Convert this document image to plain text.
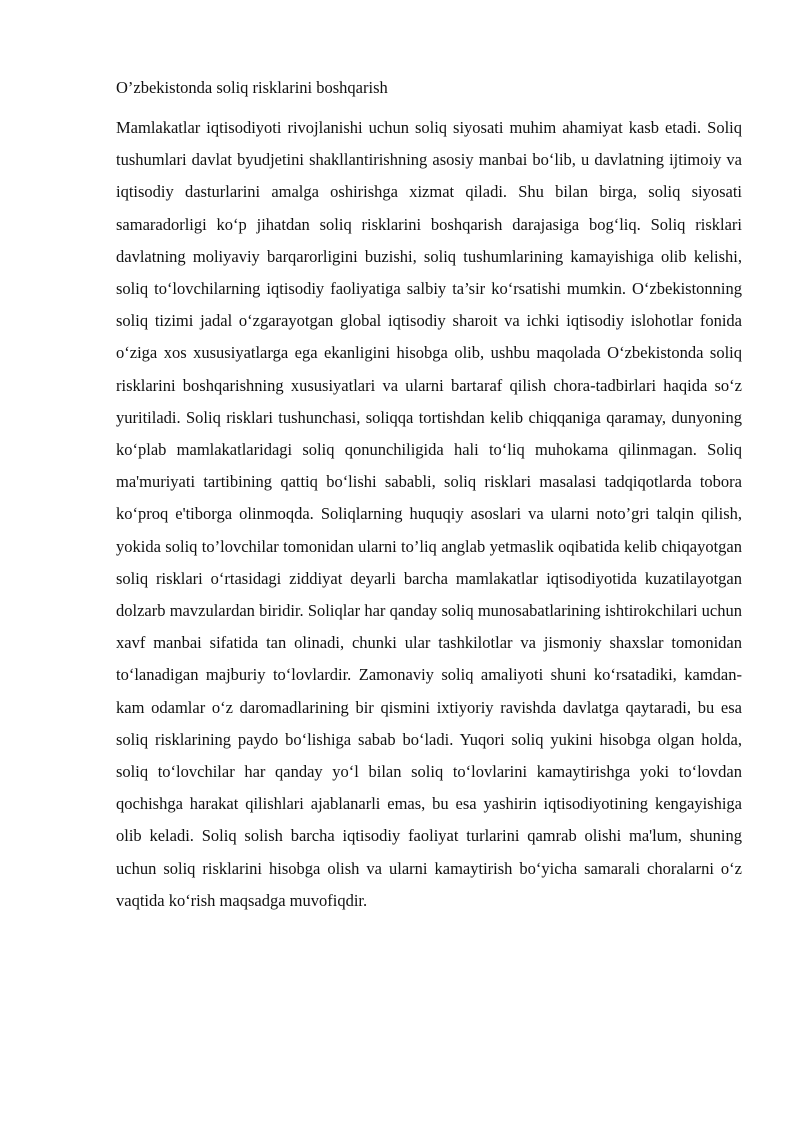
O’zbekistonda soliq risklarini boshqarish

Mamlakatlar iqtisodiyoti rivojlanishi uchun soliq siyosati muhim ahamiyat kasb etadi. Soliq tushumlari davlat byudjetini shakllantirishning asosiy manbai bo‘lib, u davlatning ijtimoiy va iqtisodiy dasturlarini amalga oshirishga xizmat qiladi. Shu bilan birga, soliq siyosati samaradorligi ko‘p jihatdan soliq risklarini boshqarish darajasiga bog‘liq. Soliq risklari davlatning moliyaviy barqarorligini buzishi, soliq tushumlarining kamayishiga olib kelishi, soliq to‘lovchilarning iqtisodiy faoliyatiga salbiy ta’sir ko‘rsatishi mumkin. O‘zbekistonning soliq tizimi jadal o‘zgarayotgan global iqtisodiy sharoit va ichki iqtisodiy islohotlar fonida o‘ziga xos xususiyatlarga ega ekanligini hisobga olib, ushbu maqolada O‘zbekistonda soliq risklarini boshqarishning xususiyatlari va ularni bartaraf qilish chora-tadbirlari haqida so‘z yuritiladi. Soliq risklari tushunchasi, soliqqa tortishdan kelib chiqqaniga qaramay, dunyoning ko‘plab mamlakatlaridagi soliq qonunchiligida hali to‘liq muhokama qilinmagan. Soliq ma'muriyati tartibining qattiq bo‘lishi sababli, soliq risklari masalasi tadqiqotlarda tobora ko‘proq e'tiborga olinmoqda. Soliqlarning huquqiy asoslari va ularni noto’gri talqin qilish, yokida soliq to’lovchilar tomonidan ularni to’liq anglab yetmaslik oqibatida kelib chiqayotgan soliq risklari o‘rtasidagi ziddiyat deyarli barcha mamlakatlar iqtisodiyotida kuzatilayotgan dolzarb mavzulardan biridir. Soliqlar har qanday soliq munosabatlarining ishtirokchilari uchun xavf manbai sifatida tan olinadi, chunki ular tashkilotlar va jismoniy shaxslar tomonidan to‘lanadigan majburiy to‘lovlardir. Zamonaviy soliq amaliyoti shuni ko‘rsatadiki, kamdan- kam odamlar o‘z daromadlarining bir qismini ixtiyoriy ravishda davlatga qaytaradi, bu esa soliq risklarining paydo bo‘lishiga sabab bo‘ladi. Yuqori soliq yukini hisobga olgan holda, soliq to‘lovchilar har qanday yo‘l bilan soliq to‘lovlarini kamaytirishga yoki to‘lovdan qochishga harakat qilishlari ajablanarli emas, bu esa yashirin iqtisodiyotining kengayishiga olib keladi. Soliq solish barcha iqtisodiy faoliyat turlarini qamrab olishi ma'lum, shuning uchun soliq risklarini hisobga olish va ularni kamaytirish bo‘yicha samarali choralarni o‘z vaqtida ko‘rish maqsadga muvofiqdir.
